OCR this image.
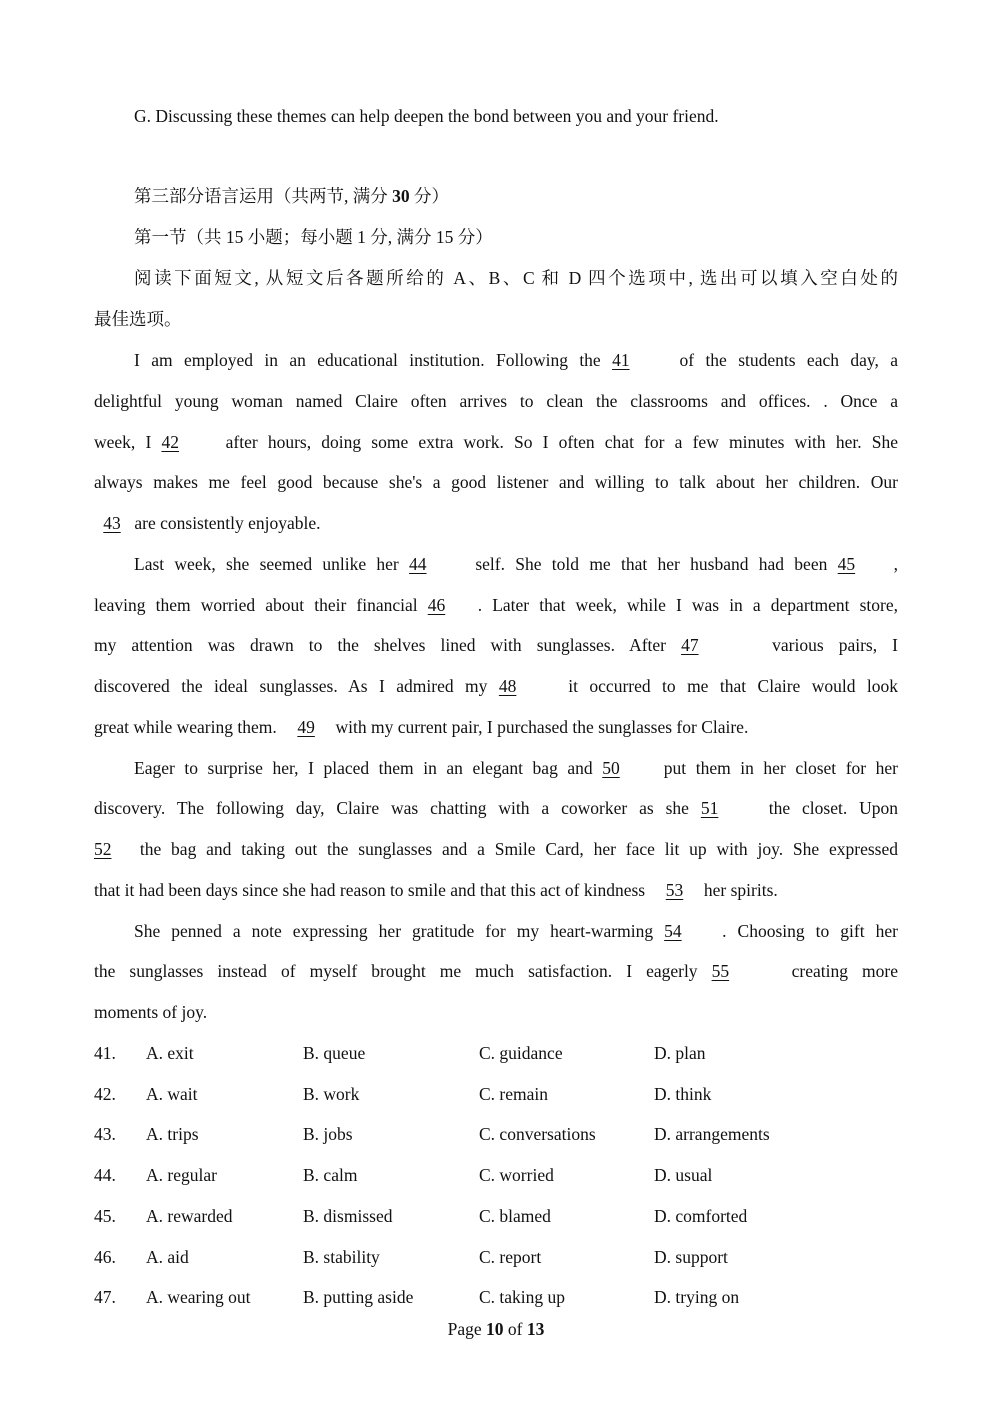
G. Discussing these themes can help deepen the bond between you and your friend.
第三部分语言运用（共两节, 满分 30 分）
第一节（共 15 小题；每小题 1 分, 满分 15 分）
阅读下面短文, 从短文后各题所给的 A、B、C 和 D 四个选项中, 选出可以填入空白处的
最佳选项。
I am employed in an educational institution. Following the 41	of the students each day, a
delightful young woman named Claire often arrives to clean the classrooms and offices. . Once a
week, I 42	after hours, doing some extra work. So I often chat for a few minutes with her. She
always makes me feel good because she's a good listener and willing to talk about her children. Our
43 are consistently enjoyable.
Last week, she seemed unlike her 44	self. She told me that her husband had been 45 ,
leaving them worried about their financial 46 . Later that week, while I was in a department store,
my attention was drawn to the shelves lined with sunglasses. After 47	various pairs, I
discovered the ideal sunglasses. As I admired my 48	it occurred to me that Claire would look
great while wearing them. 49 with my current pair, I purchased the sunglasses for Claire.
Eager to surprise her, I placed them in an elegant bag and 50	put them in her closet for her
discovery. The following day, Claire was chatting with a coworker as she 51	the closet. Upon
52 the bag and taking out the sunglasses and a Smile Card, her face lit up with joy. She expressed
that it had been days since she had reason to smile and that this act of kindness 53 her spirits.
She penned a note expressing her gratitude for my heart-warming 54 . Choosing to gift her
the sunglasses instead of myself brought me much satisfaction. I eagerly 55	creating more
moments of joy.
41. A. exit	B. queue	C. guidance	D. plan
42. A. wait	B. work	C. remain	D. think
43. A. trips	B. jobs	C. conversations	D. arrangements
44. A. regular	B. calm	C. worried	D. usual
45. A. rewarded	B. dismissed	C. blamed	D. comforted
46. A. aid	B. stability	C. report	D. support
47. A. wearing out	B. putting aside	C. taking up	D. trying on
Page 10 of 13
